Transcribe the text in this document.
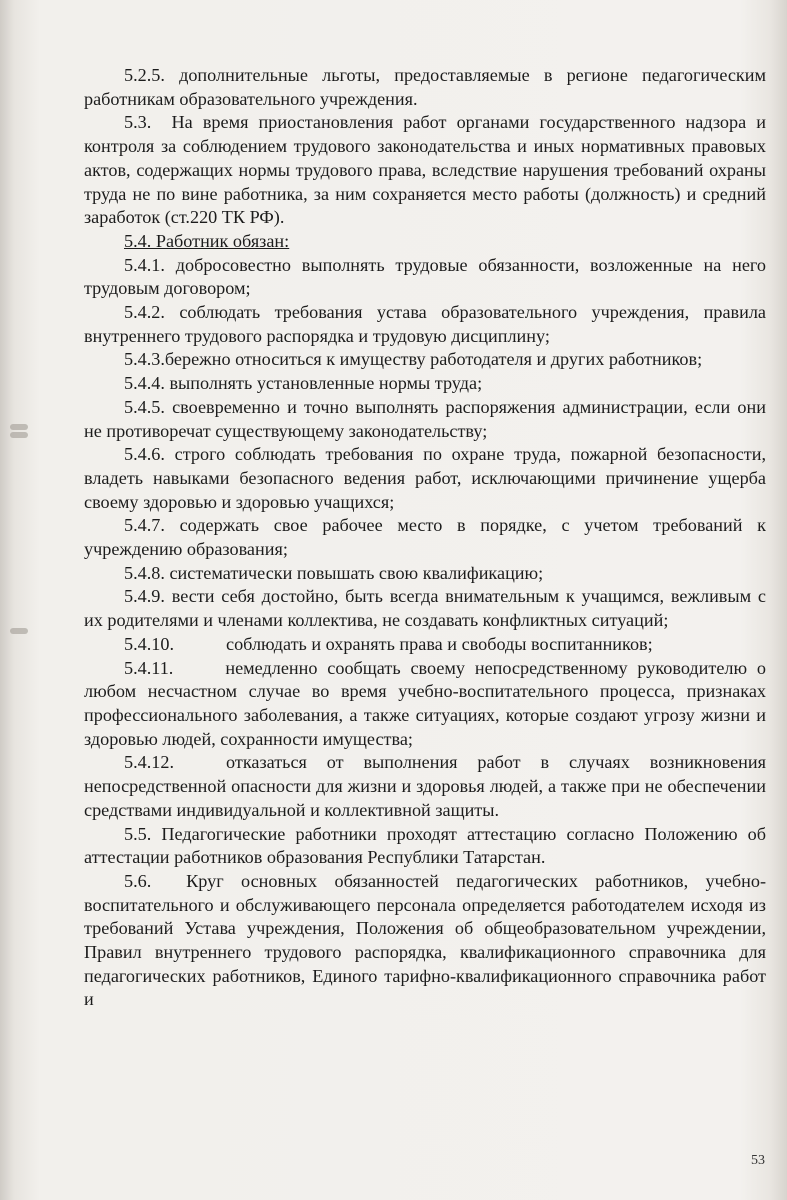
5.2.5. дополнительные льготы, предоставляемые в регионе педагогическим работникам образовательного учреждения.

5.3. На время приостановления работ органами государственного надзора и контроля за соблюдением трудового законодательства и иных нормативных правовых актов, содержащих нормы трудового права, вследствие нарушения требований охраны труда не по вине работника, за ним сохраняется место работы (должность) и средний заработок (ст.220 ТК РФ).

5.4. Работник обязан:

5.4.1. добросовестно выполнять трудовые обязанности, возложенные на него трудовым договором;

5.4.2. соблюдать требования устава образовательного учреждения, правила внутреннего трудового распорядка и трудовую дисциплину;

5.4.3.бережно относиться к имуществу работодателя и других работников;

5.4.4. выполнять установленные нормы труда;

5.4.5. своевременно и точно выполнять распоряжения администрации, если они не противоречат существующему законодательству;

5.4.6. строго соблюдать требования по охране труда, пожарной безопасности, владеть навыками безопасного ведения работ, исключающими причинение ущерба своему здоровью и здоровью учащихся;

5.4.7. содержать свое рабочее место в порядке, с учетом требований к учреждению образования;

5.4.8. систематически повышать свою квалификацию;

5.4.9. вести себя достойно, быть всегда внимательным к учащимся, вежливым с их родителями и членами коллектива, не создавать конфликтных ситуаций;

5.4.10.	соблюдать и охранять права и свободы воспитанников;

5.4.11.	немедленно сообщать своему непосредственному руководителю о любом несчастном случае во время учебно-воспитательного процесса, признаках профессионального заболевания, а также ситуациях, которые создают угрозу жизни и здоровью людей, сохранности имущества;

5.4.12.	отказаться от выполнения работ в случаях возникновения непосредственной опасности для жизни и здоровья людей, а также при не обеспечении средствами индивидуальной и коллективной защиты.

5.5. Педагогические работники проходят аттестацию согласно Положению об аттестации работников образования Республики Татарстан.

5.6. Круг основных обязанностей педагогических работников, учебно-воспитательного и обслуживающего персонала определяется работодателем исходя из требований Устава учреждения, Положения об общеобразовательном учреждении, Правил внутреннего трудового распорядка, квалификационного справочника для педагогических работников, Единого тарифно-квалификационного справочника работ и

53
